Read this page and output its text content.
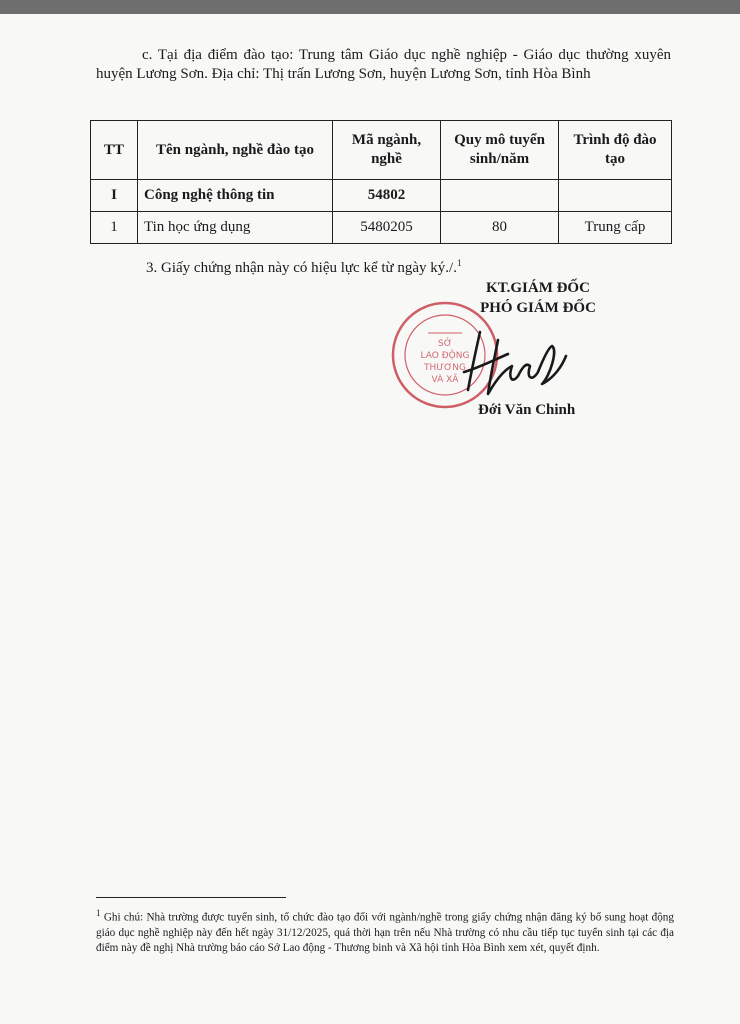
c. Tại địa điểm đào tạo: Trung tâm Giáo dục nghề nghiệp - Giáo dục thường xuyên huyện Lương Sơn. Địa chỉ: Thị trấn Lương Sơn, huyện Lương Sơn, tỉnh Hòa Bình

TT	Tên ngành, nghề đào tạo	Mã ngành, nghề	Quy mô tuyển sinh/năm	Trình độ đào tạo
I	Công nghệ thông tin	54802		
1	Tin học ứng dụng	5480205	80	Trung cấp
3. Giấy chứng nhận này có hiệu lực kể từ ngày ký./.$^1$
KT.GIÁM ĐỐC
PHÓ GIÁM ĐỐC
SỞ
LAO ĐỘNG
THƯƠNG
VÀ XÃ
Đới Văn Chinh
$^1$ Ghi chú: Nhà trường được tuyển sinh, tổ chức đào tạo đối với ngành/nghề trong giấy chứng nhận đăng ký bổ sung hoạt động giáo dục nghề nghiệp này đến hết ngày 31/12/2025, quá thời hạn trên nếu Nhà trường có nhu cầu tiếp tục tuyển sinh tại các địa điểm này đề nghị Nhà trường báo cáo Sở Lao động - Thương binh và Xã hội tỉnh Hòa Bình xem xét, quyết định.
